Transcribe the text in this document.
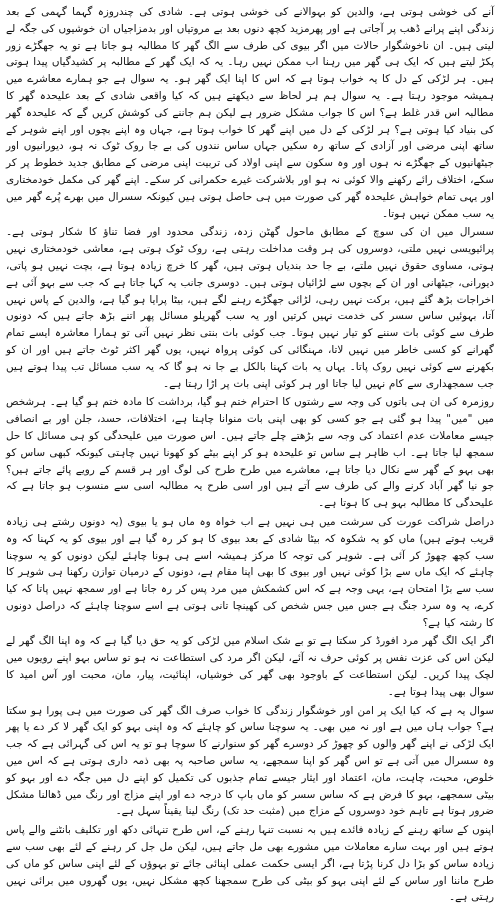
آنے کی خوشی ہوتی ہے، والدین کو بہوالانے کی خوشی ہوتی ہے۔ شادی کی چندروزہ گہما گہمی کے بعد زندگی اپنے پرانے ڈھب پر آجاتی ہے اور پھرمزید کچھ دنوں بعد بے مروتیاں اور بدمزاجیاں ان خوشیوں کی جگہ لے لیتی ہیں۔ ان ناخوشگوار حالات میں اگر بیوی کی طرف سے الگ گھر کا مطالبہ ہو جاتا ہے تو یہ جھگڑے زور پکڑ لیتے ہیں کہ ایک ہی گھر میں رہنا اب ممکن نہیں رہا۔ یہ کہ ایک گھر کے مطالبہ پر کشیدگیاں پیدا ہوتی ہیں۔ ہر لڑکی کے دل کا یہ خواب ہوتا ہے کہ اس کا اپنا ایک گھر ہو۔ یہ سوال ہے جو ہمارے معاشرے میں ہمیشہ موجود رہتا ہے۔ یہ سوال ہم ہر لحاظ سے دیکھتے ہیں کہ کیا واقعی شادی کے بعد علیحدہ گھر کا مطالبہ اس قدر غلط ہے؟ اس کا جواب مشکل ضرور ہے لیکن ہم جاننے کی کوشش کریں گے کہ علیحدہ گھر کی بنیاد کیا ہوتی ہے؟ ہر لڑکی کے دل میں اپنے گھر کا خواب ہوتا ہے، جہاں وہ اپنے بچوں اور اپنے شوہر کے ساتھ اپنی مرضی اور آزادی کے ساتھ رہ سکیں جہاں ساس نندوں کی بے جا روک ٹوک نہ ہو، دیورانیوں اور جیٹھانیوں کے جھگڑے نہ ہوں اور وہ سکون سے اپنی اولاد کی تربیت اپنی مرضی کے مطابق جدید خطوط پر کر سکے، اختلاف رائے رکھنے والا کوئی نہ ہو اور بلاشرکت غیرے حکمرانی کر سکے۔ اپنے گھر کی مکمل خودمختاری اور یہی تمام خواہش علیحدہ گھر کی صورت میں ہی حاصل ہوتی ہیں کیونکہ سسرال میں بھرے پُرے گھر میں یہ سب ممکن نہیں ہوتا۔

سسرال میں ان کی سوچ کے مطابق ماحول گھٹن زدہ، زندگی محدود اور فضا تناؤ کا شکار ہوتی ہے۔ پرائیویسی نہیں ملتی، دوسروں کی ہر وقت مداخلت رہتی ہے، روک ٹوک ہوتی ہے، معاشی خودمختاری نہیں ہوتی، مساوی حقوق نہیں ملتے، بے جا حد بندیاں ہوتی ہیں، گھر کا خرچ زیادہ ہوتا ہے، بچت نہیں ہو پاتی، دیورانی، جیٹھانی اور ان کے بچوں سے لڑائیاں ہوتی ہیں۔ دوسری جانب یہ کہا جاتا ہے کہ جب سے بہو آئی ہے اخراجات بڑھ گئے ہیں، برکت نہیں رہی، لڑائی جھگڑے رہنے لگے ہیں، بیٹا پرایا ہو گیا ہے، والدین کے پاس نہیں آتا، بہوئیں ساس سسر کی خدمت نہیں کرتیں اور یہ سب گھریلو مسائل پھر اتنے بڑھ جاتے ہیں کہ دونوں طرف سے کوئی بات سننے کو تیار نہیں ہوتا۔ جب کوئی بات بنتی نظر نہیں آتی تو ہمارا معاشرہ ایسے تمام گھرانے کو کسی خاطر میں نہیں لاتا، مہنگائی کی کوئی پرواہ نہیں، یوں گھر اکثر ٹوٹ جاتے ہیں اور ان کو بکھرنے سے کوئی نہیں روک پاتا۔ یہاں یہ بات کہنا بالکل بے جا نہ ہو گا کہ یہ سب مسائل تب پیدا ہوتے ہیں جب سمجھداری سے کام نہیں لیا جاتا اور ہر کوئی اپنی بات پر اڑا رہتا ہے۔

روزمرہ کی ان ہی باتوں کی وجہ سے رشتوں کا احترام ختم ہو گیا، برداشت کا مادہ ختم ہو گیا ہے۔ ہرشخص میں "میں" پیدا ہو گئی ہے جو کسی کو بھی اپنی بات منوانا چاہتا ہے، اختلافات، حسد، جلن اور بے انصافی جیسے معاملات عدم اعتماد کی وجہ سے بڑھتے چلے جاتے ہیں۔ اس صورت میں علیحدگی کو ہی مسائل کا حل سمجھ لیا جاتا ہے۔ اب ظاہر ہے ساس تو علیحدہ ہو کر اپنے بیٹے کو کھونا نہیں چاہتی کیونکہ کبھی ساس کو بھی بہو کے گھر سے نکال دیا جاتا ہے، معاشرے میں طرح طرح کی لوگ اور ہر قسم کے رویے پائے جاتے ہیں؟ جو نیا گھر آباد کرنے والے کی طرف سے آتے ہیں اور اسی طرح یہ مطالبہ اسی سے منسوب ہو جاتا ہے کہ علیحدگی کا مطالبہ بہو ہی کا ہوتا ہے۔

دراصل شراکت عورت کی سرشت میں ہی نہیں ہے اب خواہ وہ ماں ہو یا بیوی (یہ دونوں رشتے ہی زیادہ قریب ہوتے ہیں) ماں کو یہ شکوہ کہ بیٹا شادی کے بعد بیوی کا ہو کر رہ گیا ہے اور بیوی کو یہ کہنا کہ وہ سب کچھ چھوڑ کر آئی ہے۔ شوہر کی توجہ کا مرکز ہمیشہ اسے ہی ہونا چاہئے لیکن دونوں کو یہ سوچنا چاہئے کہ ایک ماں سے بڑا کوئی نہیں اور بیوی کا بھی اپنا مقام ہے، دونوں کے درمیان توازن رکھنا ہی شوہر کا سب سے بڑا امتحان ہے، یہی وجہ ہے کہ اس کشمکش میں مرد پس کر رہ جاتا ہے اور سمجھ نہیں پاتا کہ کیا کرے، یہ وہ سرد جنگ ہے جس میں جس شخص کی کھینچا تانی ہوتی ہے اسے سوچنا چاہئے کہ دراصل دونوں کا رشتہ کیا ہے؟

اگر ایک الگ گھر مرد افورڈ کر سکتا ہے تو بے شک اسلام میں لڑکی کو یہ حق دیا گیا ہے کہ وہ اپنا الگ گھر لے لیکن اس کی عزت نفس پر کوئی حرف نہ آئے، لیکن اگر مرد کی استطاعت نہ ہو تو ساس بہو اپنے رویوں میں لچک پیدا کریں۔ لیکن استطاعت کے باوجود بھی گھر کی خوشیاں، اپنائیت، پیار، مان، محبت اور آس امید کا سوال بھی پیدا ہوتا ہے۔

سوال یہ ہے کہ کیا ایک پر امن اور خوشگوار زندگی کا خواب صرف الگ گھر کی صورت میں ہی پورا ہو سکتا ہے؟ جواب ہاں میں ہے اور نہ میں بھی۔ یہ سوچنا ساس کو چاہئے کہ وہ اپنی بہو کو ایک گھر لا کر دے یا پھر ایک لڑکی نے اپنے گھر والوں کو چھوڑ کر دوسرے گھر کو سنوارنے کا سوچا ہو تو یہ اس کی گہرائی ہے کہ جب وہ سسرال میں آتی ہے تو اس گھر کو اپنا سمجھے، یہ ساس صاحبہ پہ بھی ذمہ داری ہوتی ہے کہ اس میں خلوص، محبت، چاہت، مان، اعتماد اور ایثار جیسے تمام جذبوں کی تکمیل کو اپنے دل میں جگہ دے اور بہو کو بیٹی سمجھے، بہو کا فرض ہے کہ ساس سسر کو ماں باپ کا درجہ دے اور اپنے مزاج اور رنگ میں ڈھالنا مشکل ضرور ہوتا ہے تاہم خود دوسروں کے مزاج میں (مثبت حد تک) رنگ لینا یقیناً سہل ہے۔

اپنوں کے ساتھ رہنے کے زیادہ فائدے ہیں بہ نسبت تنہا رہنے کے، اس طرح تنہائی دکھ اور تکلیف بانٹنے والے پاس ہوتے ہیں اور بہت سارے معاملات میں مشورے بھی مل جاتے ہیں، لیکن مل جل کر رہنے کے لئے بھی سب سے زیادہ ساس کو بڑا دل کرنا پڑتا ہے، اگر ایسی حکمت عملی اپنائی جائے تو بہوؤں کے لئے اپنی ساس کو ماں کی طرح ماننا اور ساس کے لئے اپنی بہو کو بیٹی کی طرح سمجھنا کچھ مشکل نہیں، یوں گھروں میں برائی نہیں رہتی ہے۔
